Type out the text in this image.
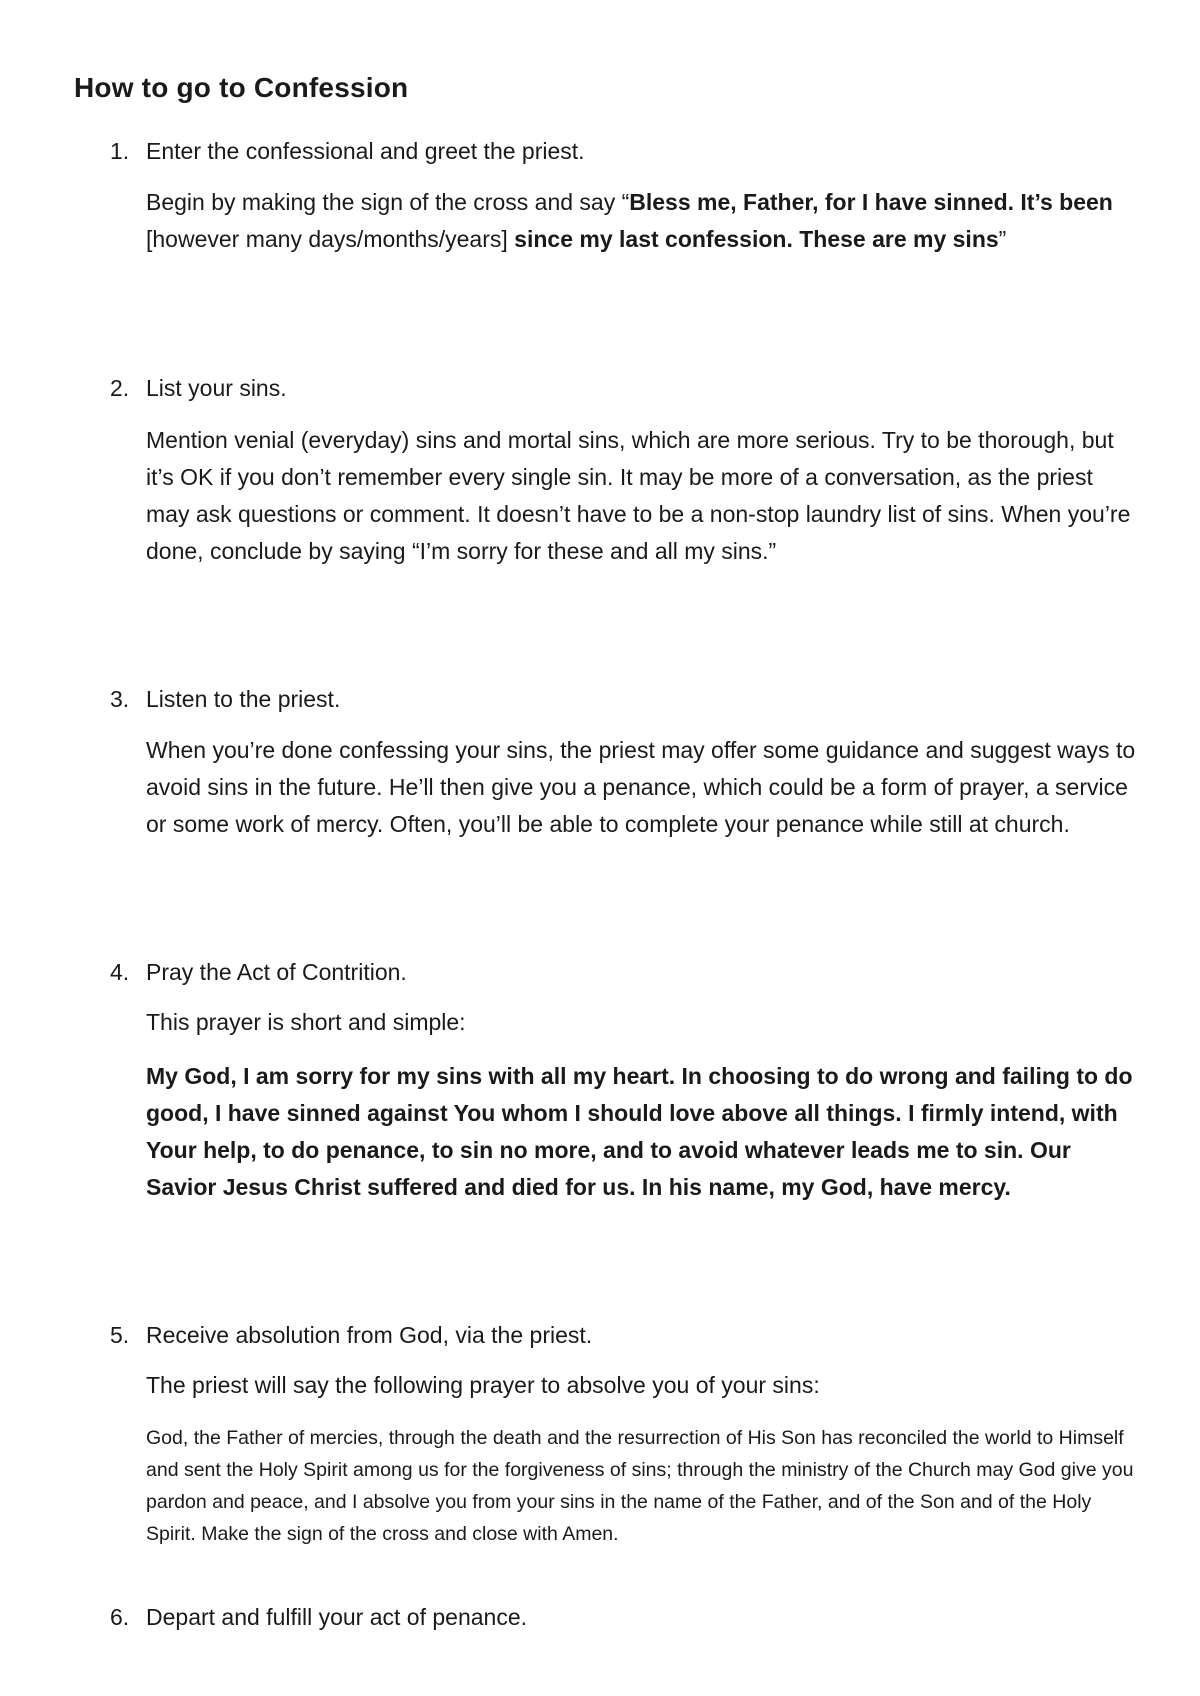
How to go to Confession
1. Enter the confessional and greet the priest.

Begin by making the sign of the cross and say “Bless me, Father, for I have sinned. It’s been [however many days/months/years] since my last confession. These are my sins”

2. List your sins.

Mention venial (everyday) sins and mortal sins, which are more serious. Try to be thorough, but it’s OK if you don’t remember every single sin. It may be more of a conversation, as the priest may ask questions or comment. It doesn’t have to be a non-stop laundry list of sins. When you’re done, conclude by saying “I’m sorry for these and all my sins.”

3. Listen to the priest.

When you’re done confessing your sins, the priest may offer some guidance and suggest ways to avoid sins in the future. He’ll then give you a penance, which could be a form of prayer, a service or some work of mercy. Often, you’ll be able to complete your penance while still at church.

4. Pray the Act of Contrition.

This prayer is short and simple:

My God, I am sorry for my sins with all my heart. In choosing to do wrong and failing to do good, I have sinned against You whom I should love above all things. I firmly intend, with Your help, to do penance, to sin no more, and to avoid whatever leads me to sin. Our Savior Jesus Christ suffered and died for us. In his name, my God, have mercy.

5. Receive absolution from God, via the priest.

The priest will say the following prayer to absolve you of your sins:

God, the Father of mercies, through the death and the resurrection of His Son has reconciled the world to Himself and sent the Holy Spirit among us for the forgiveness of sins; through the ministry of the Church may God give you pardon and peace, and I absolve you from your sins in the name of the Father, and of the Son and of the Holy Spirit. Make the sign of the cross and close with Amen.

6. Depart and fulfill your act of penance.
